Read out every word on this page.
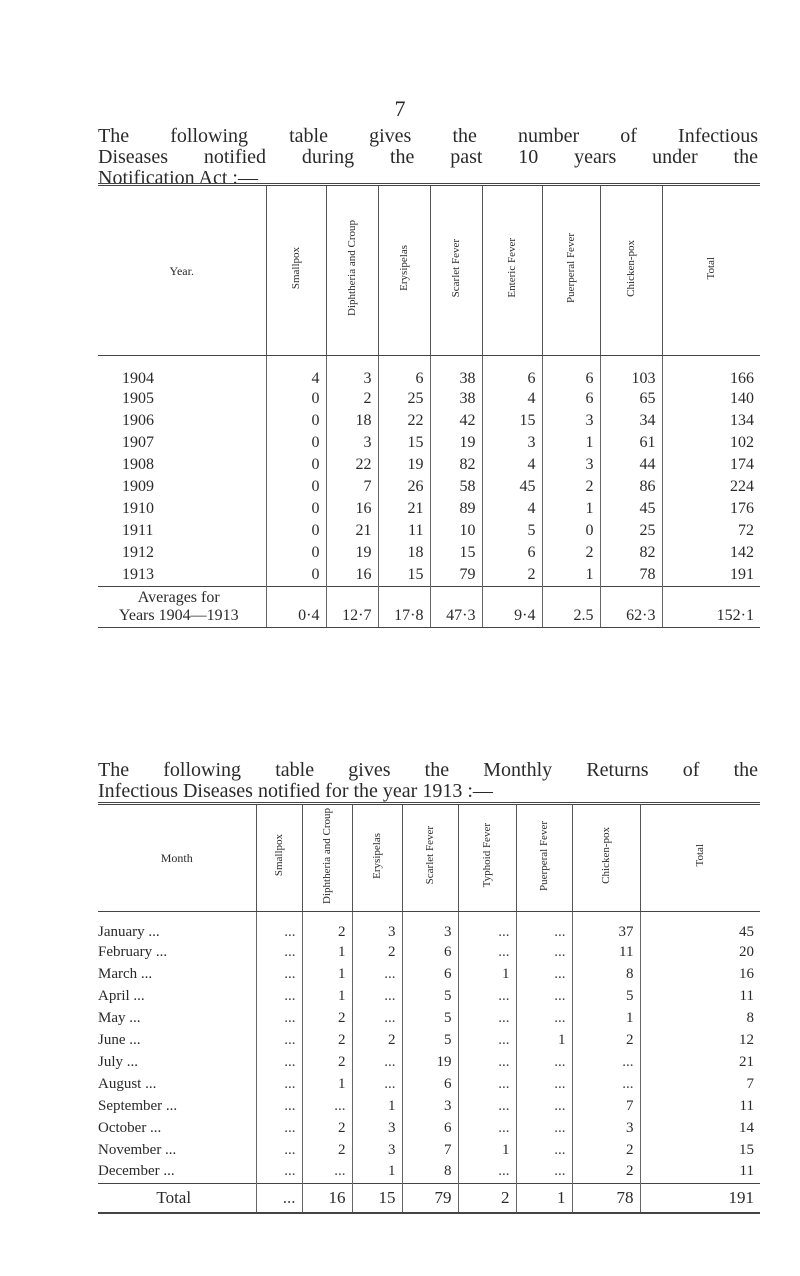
7
The following table gives the number of Infectious
Diseases notified during the past 10 years under the
Notification Act :—
Year.	Smallpox	Diphtheria and Croup	Erysipelas	Scarlet Fever	Enteric Fever	Puerperal Fever	Chicken-pox	Total
1904	4	3	6	38	6	6	103	166
1905	0	2	25	38	4	6	65	140
1906	0	18	22	42	15	3	34	134
1907	0	3	15	19	3	1	61	102
1908	0	22	19	82	4	3	44	174
1909	0	7	26	58	45	2	86	224
1910	0	16	21	89	4	1	45	176
1911	0	21	11	10	5	0	25	72
1912	0	19	18	15	6	2	82	142
1913	0	16	15	79	2	1	78	191
Averages for
Years 1904—1913	0·4	12·7	17·8	47·3	9·4	2.5	62·3	152·1
The following table gives the Monthly Returns of the
Infectious Diseases notified for the year 1913 :—
Month	Smallpox	Diphtheria and Croup	Erysipelas	Scarlet Fever	Typhoid Fever	Puerperal Fever	Chicken-pox	Total
January ...	...	2	3	3	...	...	37	45
February ...	...	1	2	6	...	...	11	20
March ...	...	1	...	6	1	...	8	16
April ...	...	1	...	5	...	...	5	11
May ...	...	2	...	5	...	...	1	8
June ...	...	2	2	5	...	1	2	12
July ...	...	2	...	19	...	...	...	21
August ...	...	1	...	6	...	...	...	7
September ...	...	...	1	3	...	...	7	11
October ...	...	2	3	6	...	...	3	14
November ...	...	2	3	7	1	...	2	15
December ...	...	...	1	8	...	...	2	11
Total	...	16	15	79	2	1	78	191
